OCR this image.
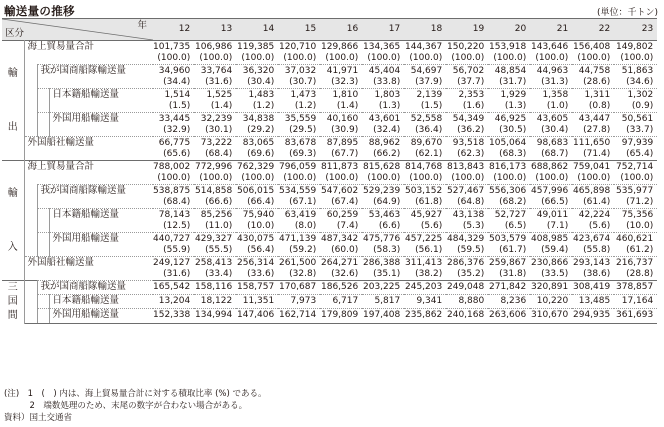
輸送量の推移	(単位：千トン)
区分
年				12	13	14	15	16	17	18	19	20	21	22	23

輸
出	海上貿易量合計			101,735	106,986	119,385	120,710	129,866	134,365	144,367	150,220	153,918	143,646	156,408	149,802
				(100.0)	(100.0)	(100.0)	(100.0)	(100.0)	(100.0)	(100.0)	(100.0)	(100.0)	(100.0)	(100.0)	(100.0)
		我が国商船隊輸送量		34,960	33,764	36,320	37,032	41,971	45,404	54,697	56,702	48,854	44,963	44,758	51,863
				(34.4)	(31.6)	(30.4)	(30.7)	(32.3)	(33.8)	(37.9)	(37.7)	(31.7)	(31.3)	(28.6)	(34.6)
			日本籍船輸送量	1,514	1,525	1,483	1,473	1,810	1,803	2,139	2,353	1,929	1,358	1,311	1,302
				(1.5)	(1.4)	(1.2)	(1.2)	(1.4)	(1.3)	(1.5)	(1.6)	(1.3)	(1.0)	(0.8)	(0.9)
			外国用船輸送量	33,445	32,239	34,838	35,559	40,160	43,601	52,558	54,349	46,925	43,605	43,447	50,561
				(32.9)	(30.1)	(29.2)	(29.5)	(30.9)	(32.4)	(36.4)	(36.2)	(30.5)	(30.4)	(27.8)	(33.7)
	外国船社輸送量			66,775	73,222	83,065	83,678	87,895	88,962	89,670	93,518	105,064	98,683	111,650	97,939
				(65.6)	(68.4)	(69.6)	(69.3)	(67.7)	(66.2)	(62.1)	(62.3)	(68.3)	(68.7)	(71.4)	(65.4)

輸
入	海上貿易量合計			788,002	772,996	762,329	796,059	811,873	815,628	814,768	813,843	816,173	688,862	759,041	752,714
				(100.0)	(100.0)	(100.0)	(100.0)	(100.0)	(100.0)	(100.0)	(100.0)	(100.0)	(100.0)	(100.0)	(100.0)
		我が国商船隊輸送量		538,875	514,858	506,015	534,559	547,602	529,239	503,152	527,467	556,306	457,996	465,898	535,977
				(68.4)	(66.6)	(66.4)	(67.1)	(67.4)	(64.9)	(61.8)	(64.8)	(68.2)	(66.5)	(61.4)	(71.2)
			日本籍船輸送量	78,143	85,256	75,940	63,419	60,259	53,463	45,927	43,138	52,727	49,011	42,224	75,356
				(12.5)	(11.0)	(10.0)	(8.0)	(7.4)	(6.6)	(5.6)	(5.3)	(6.5)	(7.1)	(5.6)	(10.0)
			外国用船輸送量	440,727	429,327	430,075	471,139	487,342	475,776	457,225	484,329	503,579	408,985	423,674	460,621
				(55.9)	(55.5)	(56.4)	(59.2)	(60.0)	(58.3)	(56.1)	(59.5)	(61.7)	(59.4)	(55.8)	(61.2)
	外国船社輸送量			249,127	258,413	256,314	261,500	264,271	286,388	311,413	286,376	259,867	230,866	293,143	216,737
				(31.6)	(33.4)	(33.6)	(32.8)	(32.6)	(35.1)	(38.2)	(35.2)	(31.8)	(33.5)	(38.6)	(28.8)

三
国
間		我が国商船隊輸送量		165,542	158,116	158,757	170,687	186,526	203,225	245,203	249,048	271,842	320,891	308,419	378,857
			日本籍船輸送量	13,204	18,122	11,351	7,973	6,717	5,817	9,341	8,880	8,236	10,220	13,485	17,164
			外国用船輸送量	152,338	134,994	147,406	162,714	179,809	197,408	235,862	240,168	263,606	310,670	294,935	361,693
(注)　1　(　) 内は、海上貿易量合計に対する積取比率 (%) である。
　　　2　端数処理のため、末尾の数字が合わない場合がある。
資料）国土交通省
